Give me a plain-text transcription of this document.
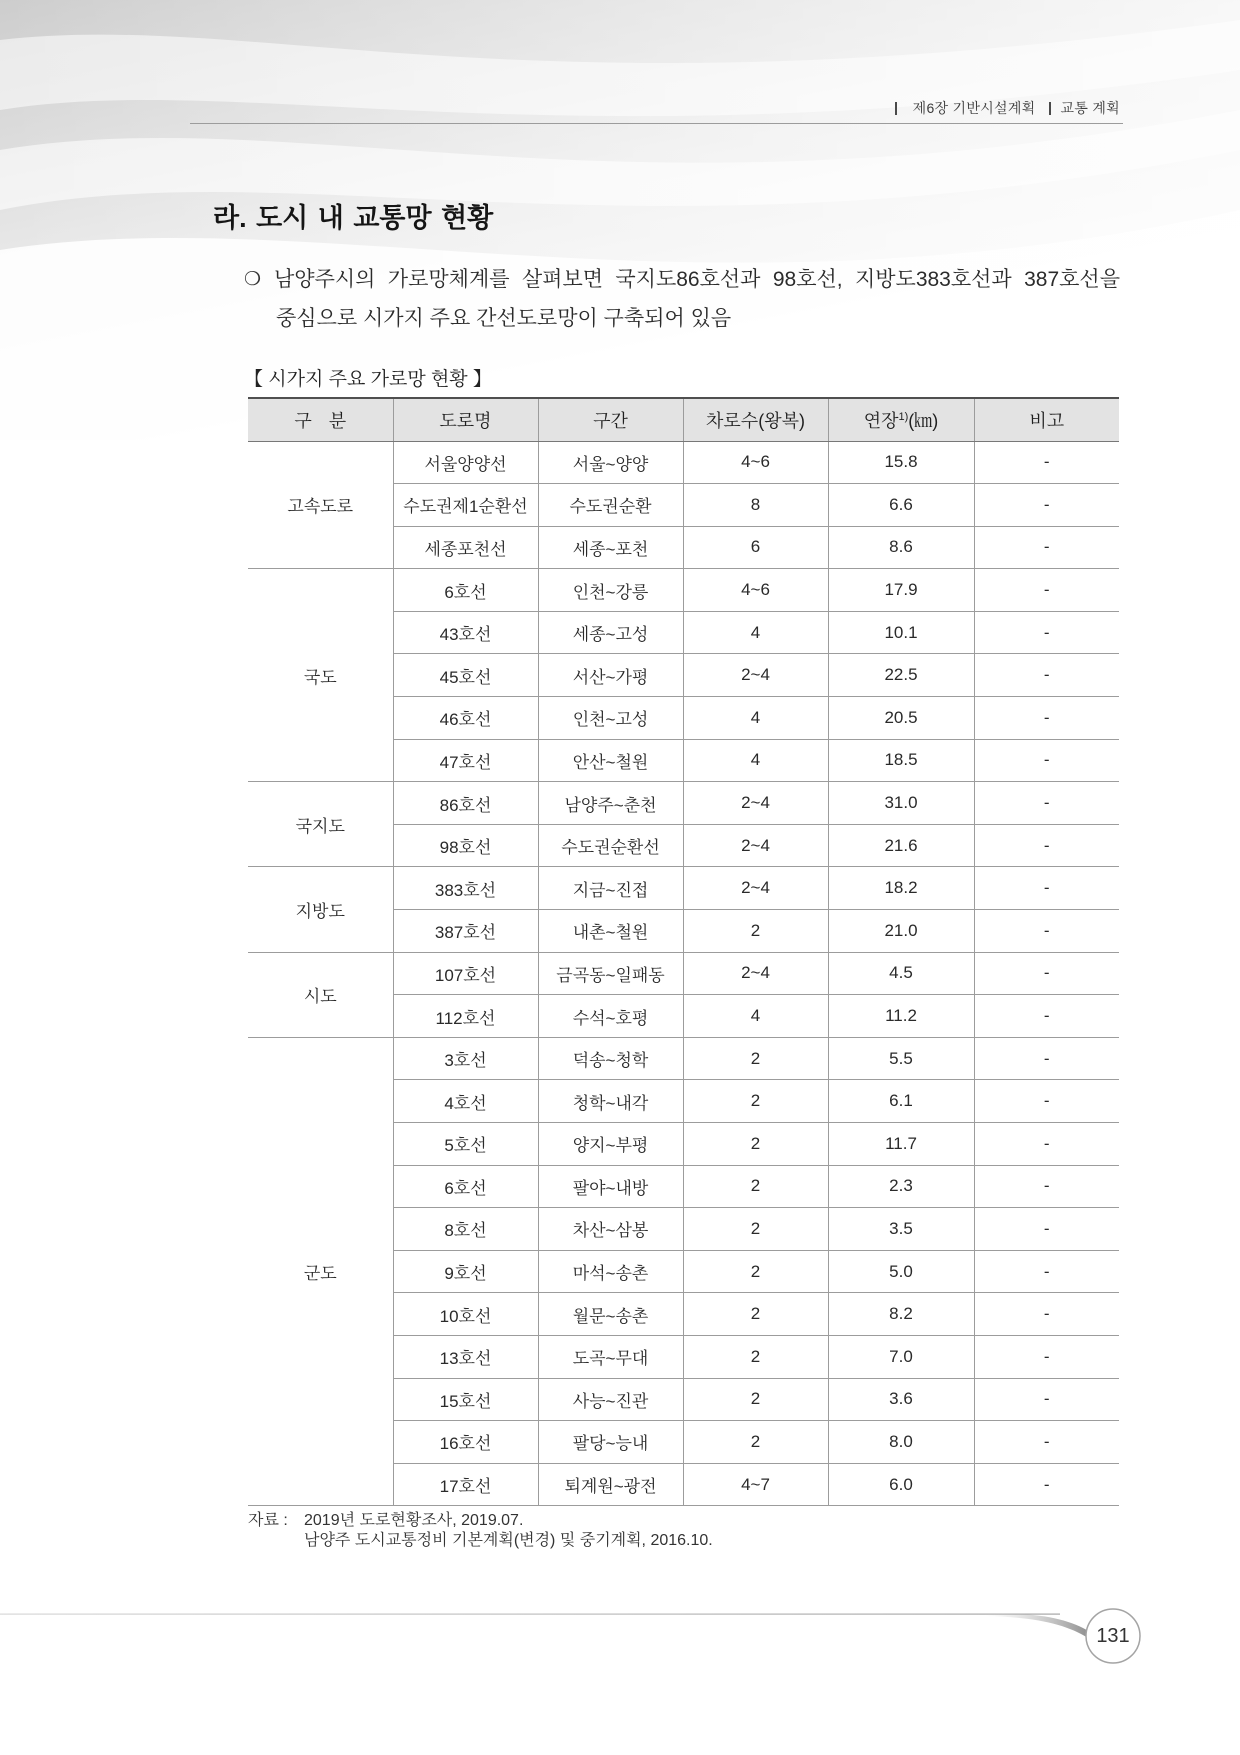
제6장 기반시설계획 교통 계획
라. 도시 내 교통망 현황
❍ 남양주시의 가로망체계를 살펴보면 국지도86호선과 98호선, 지방도383호선과 387호선을
중심으로 시가지 주요 간선도로망이 구축되어 있음
【 시가지 주요 가로망 현황 】
구 분	도로명	구간	차로수(왕복)	연장$^{1)}$(㎞)	비고
고속도로	서울양양선	서울~양양	4~6	15.8	-
	수도권제1순환선	수도권순환	8	6.6	-
	세종포천선	세종~포천	6	8.6	-
국도	6호선	인천~강릉	4~6	17.9	-
	43호선	세종~고성	4	10.1	-
	45호선	서산~가평	2~4	22.5	-
	46호선	인천~고성	4	20.5	-
	47호선	안산~철원	4	18.5	-
국지도	86호선	남양주~춘천	2~4	31.0	-
	98호선	수도권순환선	2~4	21.6	-
지방도	383호선	지금~진접	2~4	18.2	-
	387호선	내촌~철원	2	21.0	-
시도	107호선	금곡동~일패동	2~4	4.5	-
	112호선	수석~호평	4	11.2	-
군도	3호선	덕송~청학	2	5.5	-
	4호선	청학~내각	2	6.1	-
	5호선	양지~부평	2	11.7	-
	6호선	팔야~내방	2	2.3	-
	8호선	차산~삼봉	2	3.5	-
	9호선	마석~송촌	2	5.0	-
	10호선	월문~송촌	2	8.2	-
	13호선	도곡~무대	2	7.0	-
	15호선	사능~진관	2	3.6	-
	16호선	팔당~능내	2	8.0	-
	17호선	퇴계원~광전	4~7	6.0	-
자료 :	2019년 도로현황조사, 2019.07.
남양주 도시교통정비 기본계획(변경) 및 중기계획, 2016.10.
131
